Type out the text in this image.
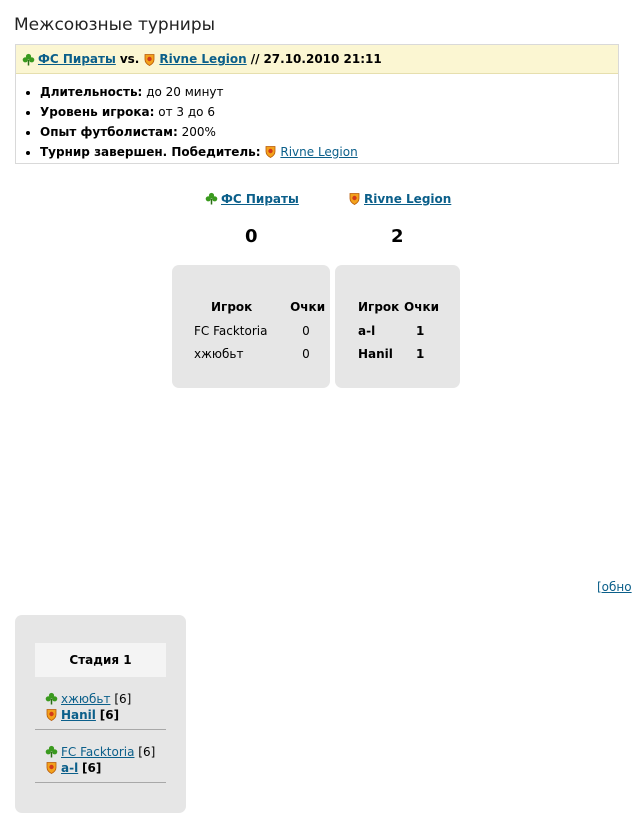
Межсоюзные турниры
ФС Пираты vs. Rivne Legion // 27.10.2010 21:11
• Длительность: до 20 минут
• Уровень игрока: от 3 до 6
• Опыт футболистам: 200%
• Турнир завершен. Победитель: Rivne Legion
ФС Пираты	Rivne Legion
0	2
Игрок	Очки
FC Facktoria	0
хжюбьт	0
Игрок	Очки
a-l	1
Hanil	1
[обно
Стадия 1
хжюбьт [6]
Hanil [6]
FC Facktoria [6]
a-l [6]
